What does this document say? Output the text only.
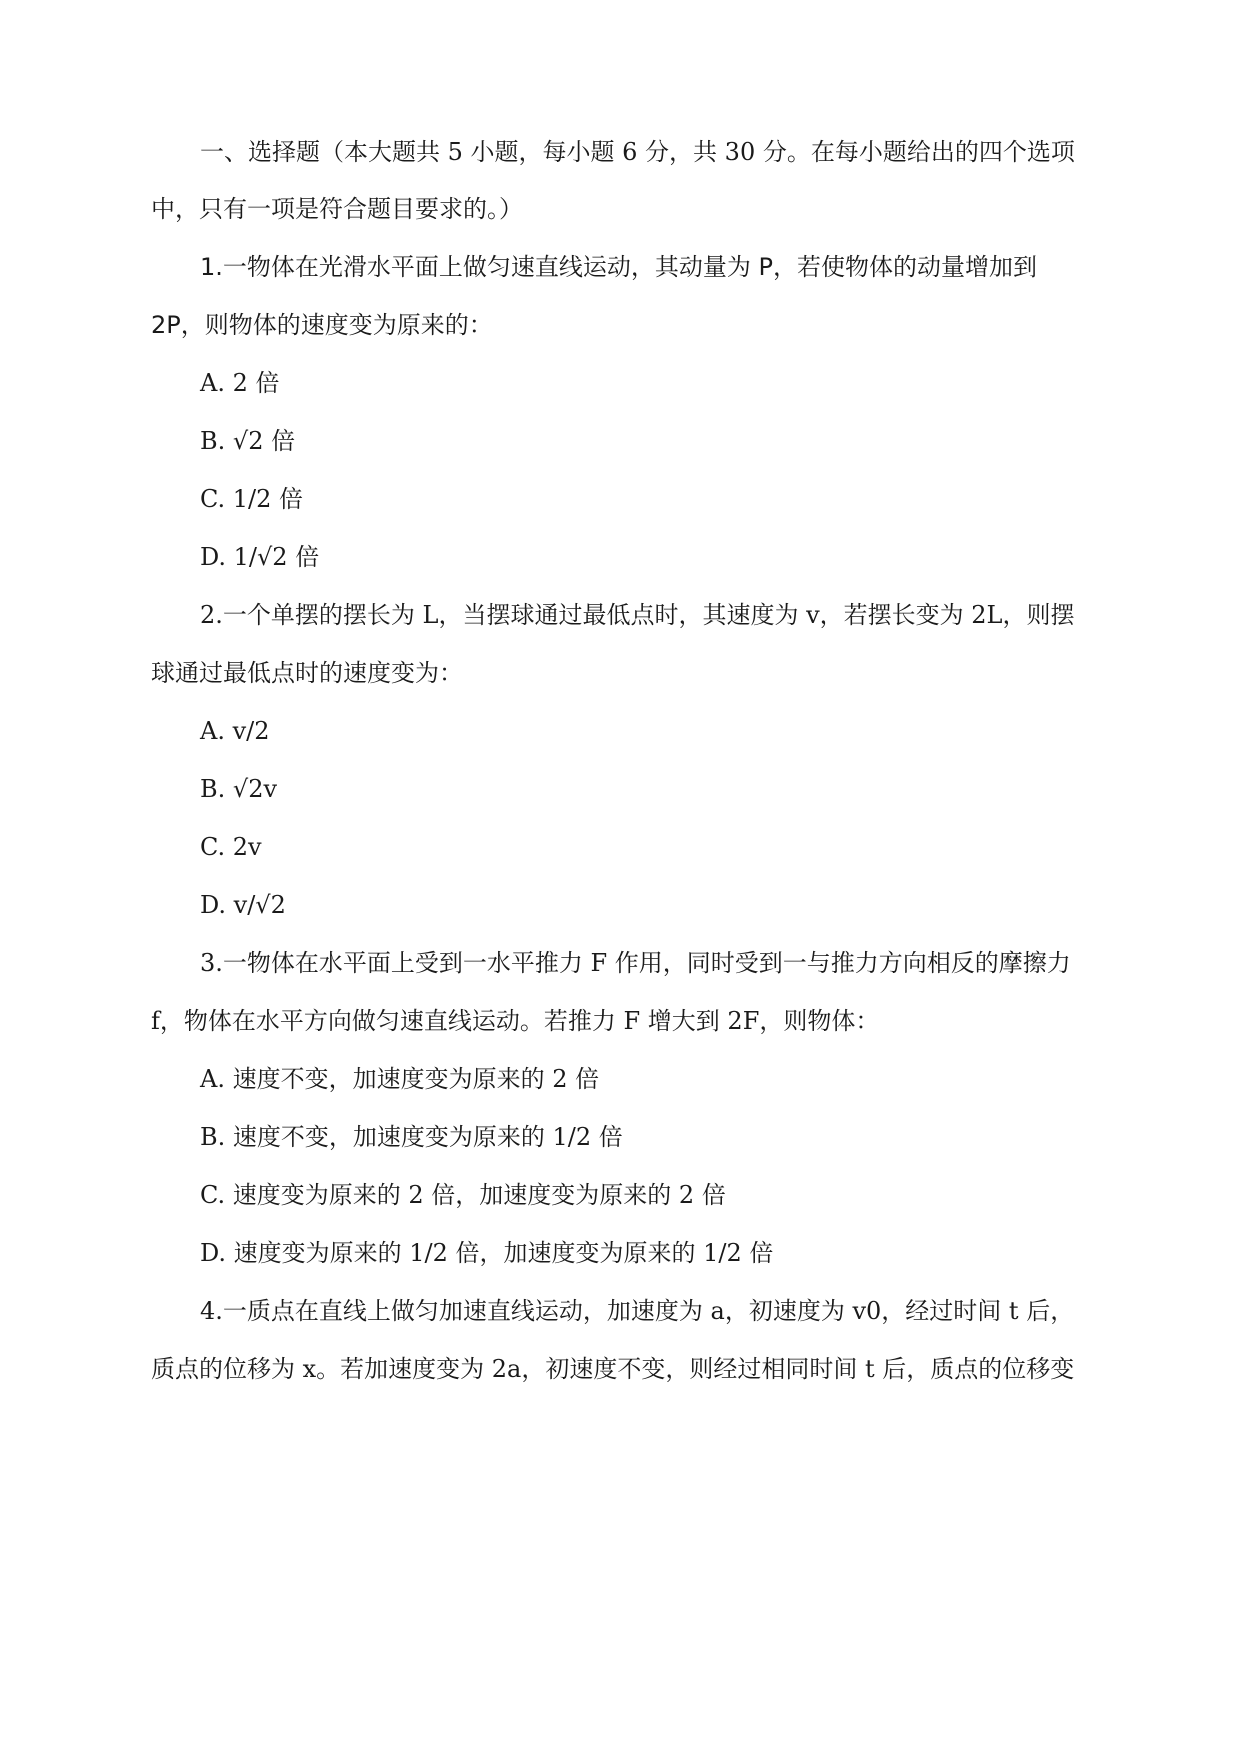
一、选择题（本大题共 5 小题，每小题 6 分，共 30 分。在每小题给出的四个选项
中，只有一项是符合题目要求的。）
1.一物体在光滑水平面上做匀速直线运动，其动量为 P，若使物体的动量增加到
2P，则物体的速度变为原来的：
A. 2 倍
B. √2 倍
C. 1/2 倍
D. 1/√2 倍
2.一个单摆的摆长为 L，当摆球通过最低点时，其速度为 v，若摆长变为 2L，则摆
球通过最低点时的速度变为：
A. v/2
B. √2v
C. 2v
D. v/√2
3.一物体在水平面上受到一水平推力 F 作用，同时受到一与推力方向相反的摩擦力
f，物体在水平方向做匀速直线运动。若推力 F 增大到 2F，则物体：
A. 速度不变，加速度变为原来的 2 倍
B. 速度不变，加速度变为原来的 1/2 倍
C. 速度变为原来的 2 倍，加速度变为原来的 2 倍
D. 速度变为原来的 1/2 倍，加速度变为原来的 1/2 倍
4.一质点在直线上做匀加速直线运动，加速度为 a，初速度为 v0，经过时间 t 后，
质点的位移为 x。若加速度变为 2a，初速度不变，则经过相同时间 t 后，质点的位移变
